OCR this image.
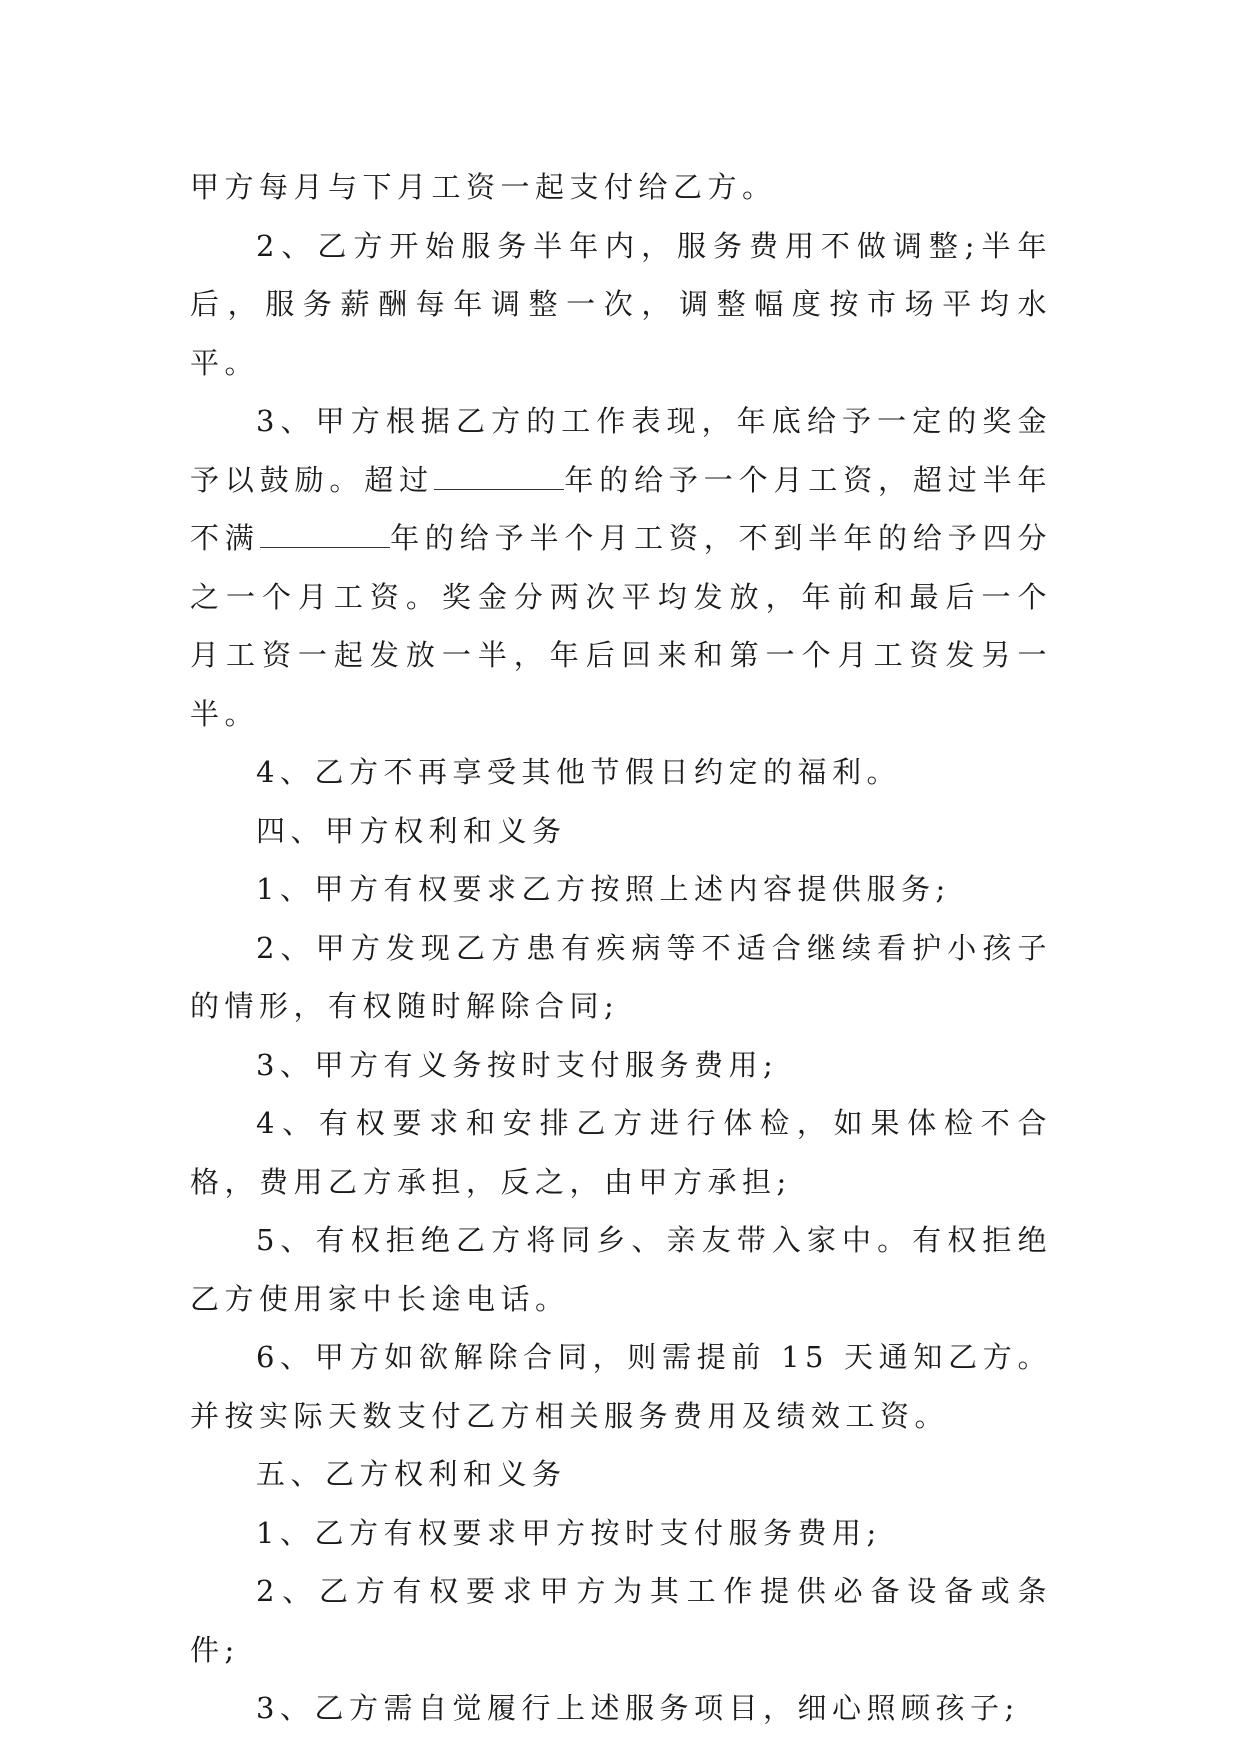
甲方每月与下月工资一起支付给乙方。

2、乙方开始服务半年内，服务费用不做调整;半年后，服务薪酬每年调整一次，调整幅度按市场平均水平。

3、甲方根据乙方的工作表现，年底给予一定的奖金予以鼓励。超过	年的给予一个月工资，超过半年不满	年的给予半个月工资，不到半年的给予四分之一个月工资。奖金分两次平均发放，年前和最后一个月工资一起发放一半，年后回来和第一个月工资发另一半。

4、乙方不再享受其他节假日约定的福利。

四、甲方权利和义务

1、甲方有权要求乙方按照上述内容提供服务;

2、甲方发现乙方患有疾病等不适合继续看护小孩子的情形，有权随时解除合同;

3、甲方有义务按时支付服务费用;

4、有权要求和安排乙方进行体检，如果体检不合格，费用乙方承担，反之，由甲方承担;

5、有权拒绝乙方将同乡、亲友带入家中。有权拒绝乙方使用家中长途电话。

6、甲方如欲解除合同，则需提前 15 天通知乙方。并按实际天数支付乙方相关服务费用及绩效工资。

五、乙方权利和义务

1、乙方有权要求甲方按时支付服务费用;

2、乙方有权要求甲方为其工作提供必备设备或条件;

3、乙方需自觉履行上述服务项目，细心照顾孩子;
